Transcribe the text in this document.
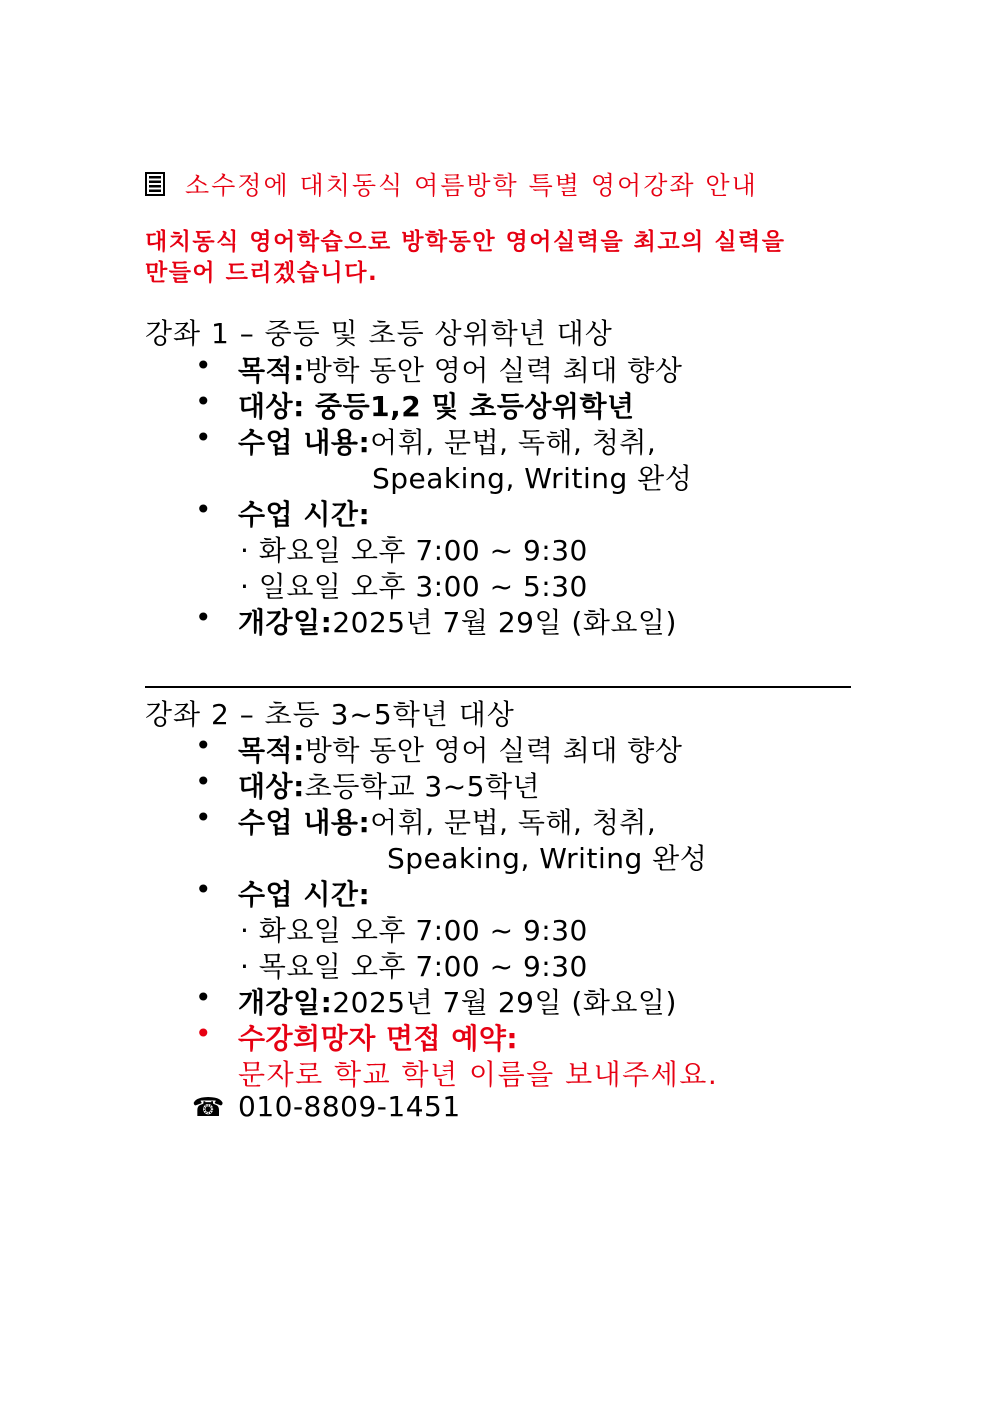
소수정에 대치동식 여름방학 특별 영어강좌 안내
대치동식 영어학습으로 방학동안 영어실력을 최고의 실력을
만들어 드리겠습니다.
강좌 1 – 중등 및 초등 상위학년 대상
• 목적:방학 동안 영어 실력 최대 향상
• 대상: 중등1,2 및 초등상위학년
• 수업 내용:어휘, 문법, 독해, 청취,
Speaking, Writing 완성
• 수업 시간:
· 화요일 오후 7:00 ~ 9:30
· 일요일 오후 3:00 ~ 5:30
• 개강일:2025년 7월 29일 (화요일)
강좌 2 – 초등 3~5학년 대상
• 목적:방학 동안 영어 실력 최대 향상
• 대상:초등학교 3~5학년
• 수업 내용:어휘, 문법, 독해, 청취,
Speaking, Writing 완성
• 수업 시간:
· 화요일 오후 7:00 ~ 9:30
· 목요일 오후 7:00 ~ 9:30
• 개강일:2025년 7월 29일 (화요일)
• 수강희망자 면접 예약:
문자로 학교 학년 이름을 보내주세요.
☎ 010-8809-1451
